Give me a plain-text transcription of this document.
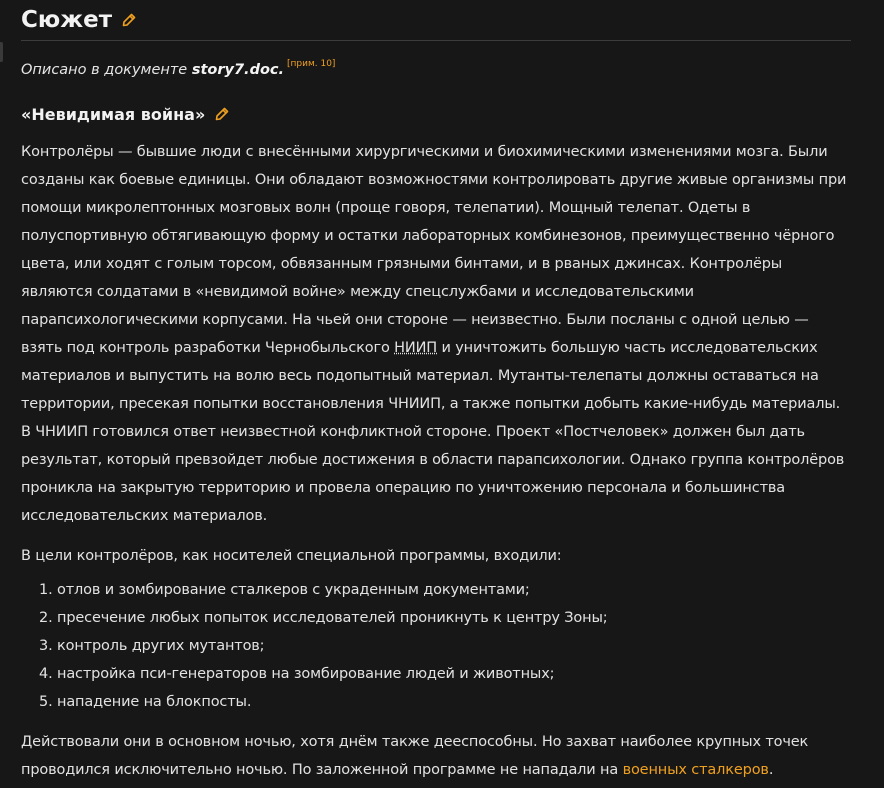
Сюжет
Описано в документе story7.doc. [прим. 10]
«Невидимая война»

Контролёры — бывшие люди с внесёнными хирургическими и биохимическими изменениями мозга. Были созданы как боевые единицы. Они обладают возможностями контролировать другие живые организмы при помощи микролептонных мозговых волн (проще говоря, телепатии). Мощный телепат. Одеты в полуспортивную обтягивающую форму и остатки лабораторных комбинезонов, преимущественно чёрного цвета, или ходят с голым торсом, обвязанным грязными бинтами, и в рваных джинсах. Контролёры являются солдатами в «невидимой войне» между спецслужбами и исследовательскими парапсихологическими корпусами. На чьей они стороне — неизвестно. Были посланы с одной целью — взять под контроль разработки Чернобыльского НИИП и уничтожить большую часть исследовательских материалов и выпустить на волю весь подопытный материал. Мутанты-телепаты должны оставаться на территории, пресекая попытки восстановления ЧНИИП, а также попытки добыть какие-нибудь материалы. В ЧНИИП готовился ответ неизвестной конфликтной стороне. Проект «Постчеловек» должен был дать результат, который превзойдет любые достижения в области парапсихологии. Однако группа контролёров проникла на закрытую территорию и провела операцию по уничтожению персонала и большинства исследовательских материалов.

В цели контролёров, как носителей специальной программы, входили:

1. отлов и зомбирование сталкеров с украденным документами;
2. пресечение любых попыток исследователей проникнуть к центру Зоны;
3. контроль других мутантов;
4. настройка пси-генераторов на зомбирование людей и животных;
5. нападение на блокпосты.

Действовали они в основном ночью, хотя днём также дееспособны. Но захват наиболее крупных точек проводился исключительно ночью. По заложенной программе не нападали на военных сталкеров.
